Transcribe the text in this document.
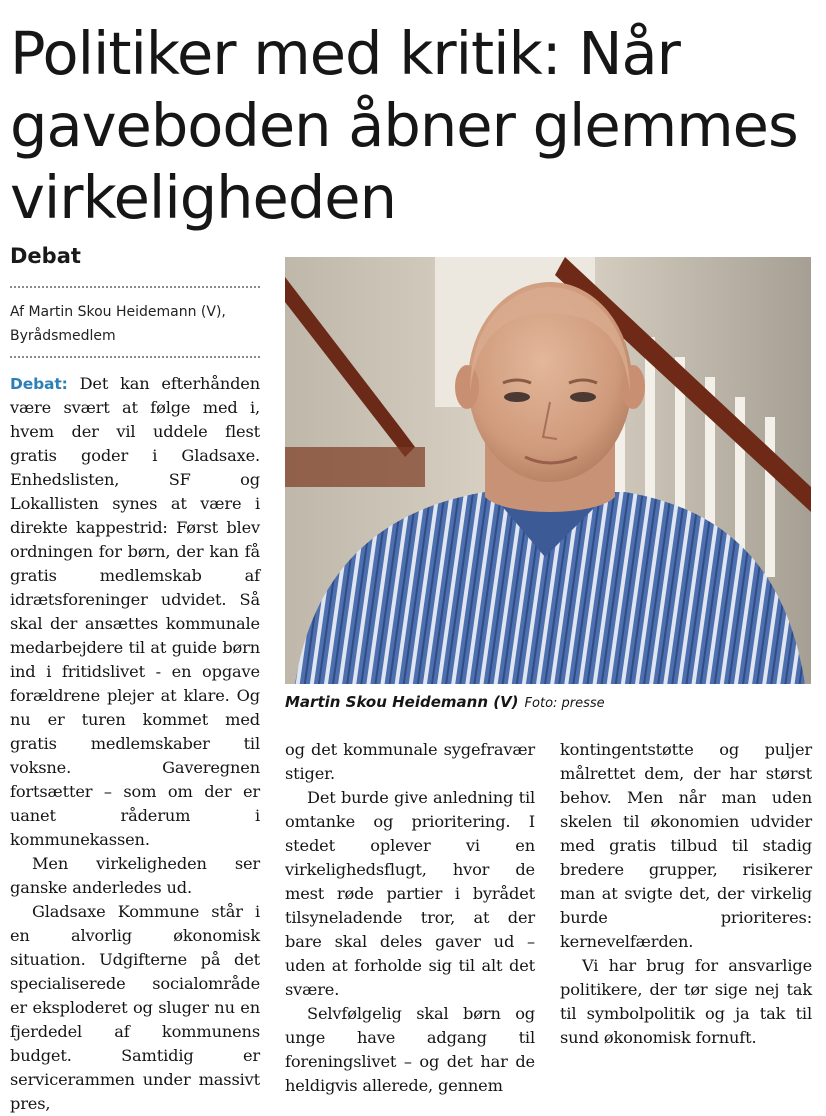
Politiker med kritik: Når
gaveboden åbner glemmes
virkeligheden
Debat
Af Martin Skou Heidemann (V),
Byrådsmedlem

Debat: Det kan efterhånden være svært at følge med i, hvem der vil uddele flest gratis goder i Gladsaxe. Enhedslisten, SF og Lokallisten synes at være i direkte kappestrid: Først blev ordningen for børn, der kan få gratis medlemskab af idrætsforeninger udvidet. Så skal der ansættes kommunale medarbejdere til at guide børn ind i fritidslivet - en opgave forældrene plejer at klare. Og nu er turen kommet med gratis medlemskaber til voksne. Gaveregnen fortsætter – som om der er uanet råderum i kommunekassen.

Men virkeligheden ser ganske anderledes ud.

Gladsaxe Kommune står i en alvorlig økonomisk situation. Udgifterne på det specialiserede socialområde er eksploderet og sluger nu en fjerdedel af kommunens budget. Samtidig er servicerammen under massivt pres,

Martin Skou Heidemann (V) Foto: presse

og det kommunale sygefravær stiger.

Det burde give anledning til omtanke og prioritering. I stedet oplever vi en virkelighedsflugt, hvor de mest røde partier i byrådet tilsyneladende tror, at der bare skal deles gaver ud – uden at forholde sig til alt det svære.

Selvfølgelig skal børn og unge have adgang til foreningslivet – og det har de heldigvis allerede, gennem

kontingentstøtte og puljer målrettet dem, der har størst behov. Men når man uden skelen til økonomien udvider med gratis tilbud til stadig bredere grupper, risikerer man at svigte det, der virkelig burde prioriteres: kernevelfærden.

Vi har brug for ansvarlige politikere, der tør sige nej tak til symbolpolitik og ja tak til sund økonomisk fornuft.
